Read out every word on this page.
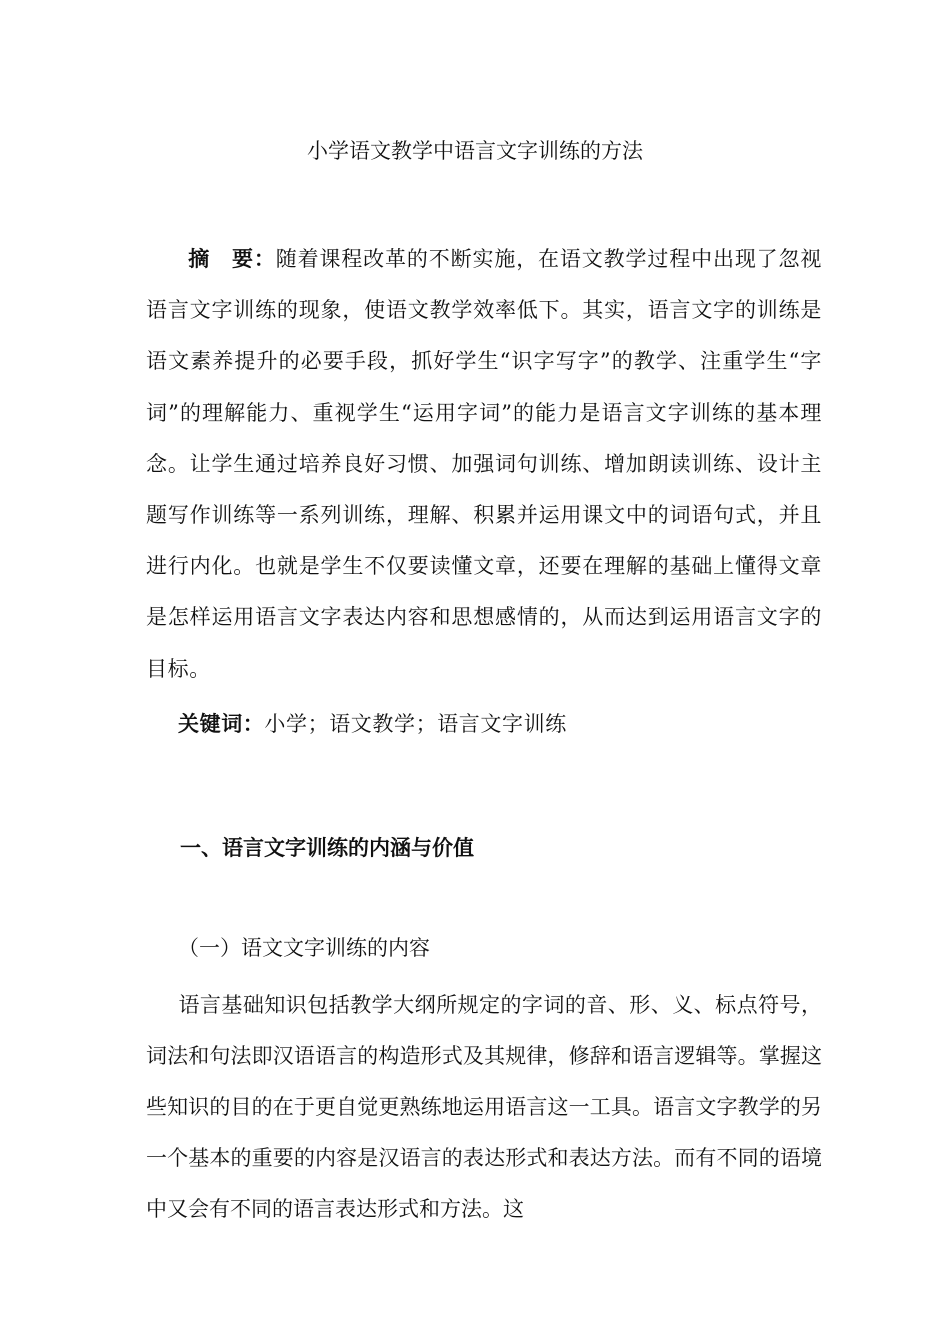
小学语文教学中语言文字训练的方法

摘　要：随着课程改革的不断实施，在语文教学过程中出现了忽视语言文字训练的现象，使语文教学效率低下。其实，语言文字的训练是语文素养提升的必要手段，抓好学生“识字写字”的教学、注重学生“字词”的理解能力、重视学生“运用字词”的能力是语言文字训练的基本理念。让学生通过培养良好习惯、加强词句训练、增加朗读训练、设计主题写作训练等一系列训练，理解、积累并运用课文中的词语句式，并且进行内化。也就是学生不仅要读懂文章，还要在理解的基础上懂得文章是怎样运用语言文字表达内容和思想感情的，从而达到运用语言文字的目标。

关键词：小学；语文教学；语言文字训练
一、语言文字训练的内涵与价值
（一）语文文字训练的内容

语言基础知识包括教学大纲所规定的字词的音、形、义、标点符号，词法和句法即汉语语言的构造形式及其规律，修辞和语言逻辑等。掌握这些知识的目的在于更自觉更熟练地运用语言这一工具。语言文字教学的另一个基本的重要的内容是汉语言的表达形式和表达方法。而有不同的语境中又会有不同的语言表达形式和方法。这
